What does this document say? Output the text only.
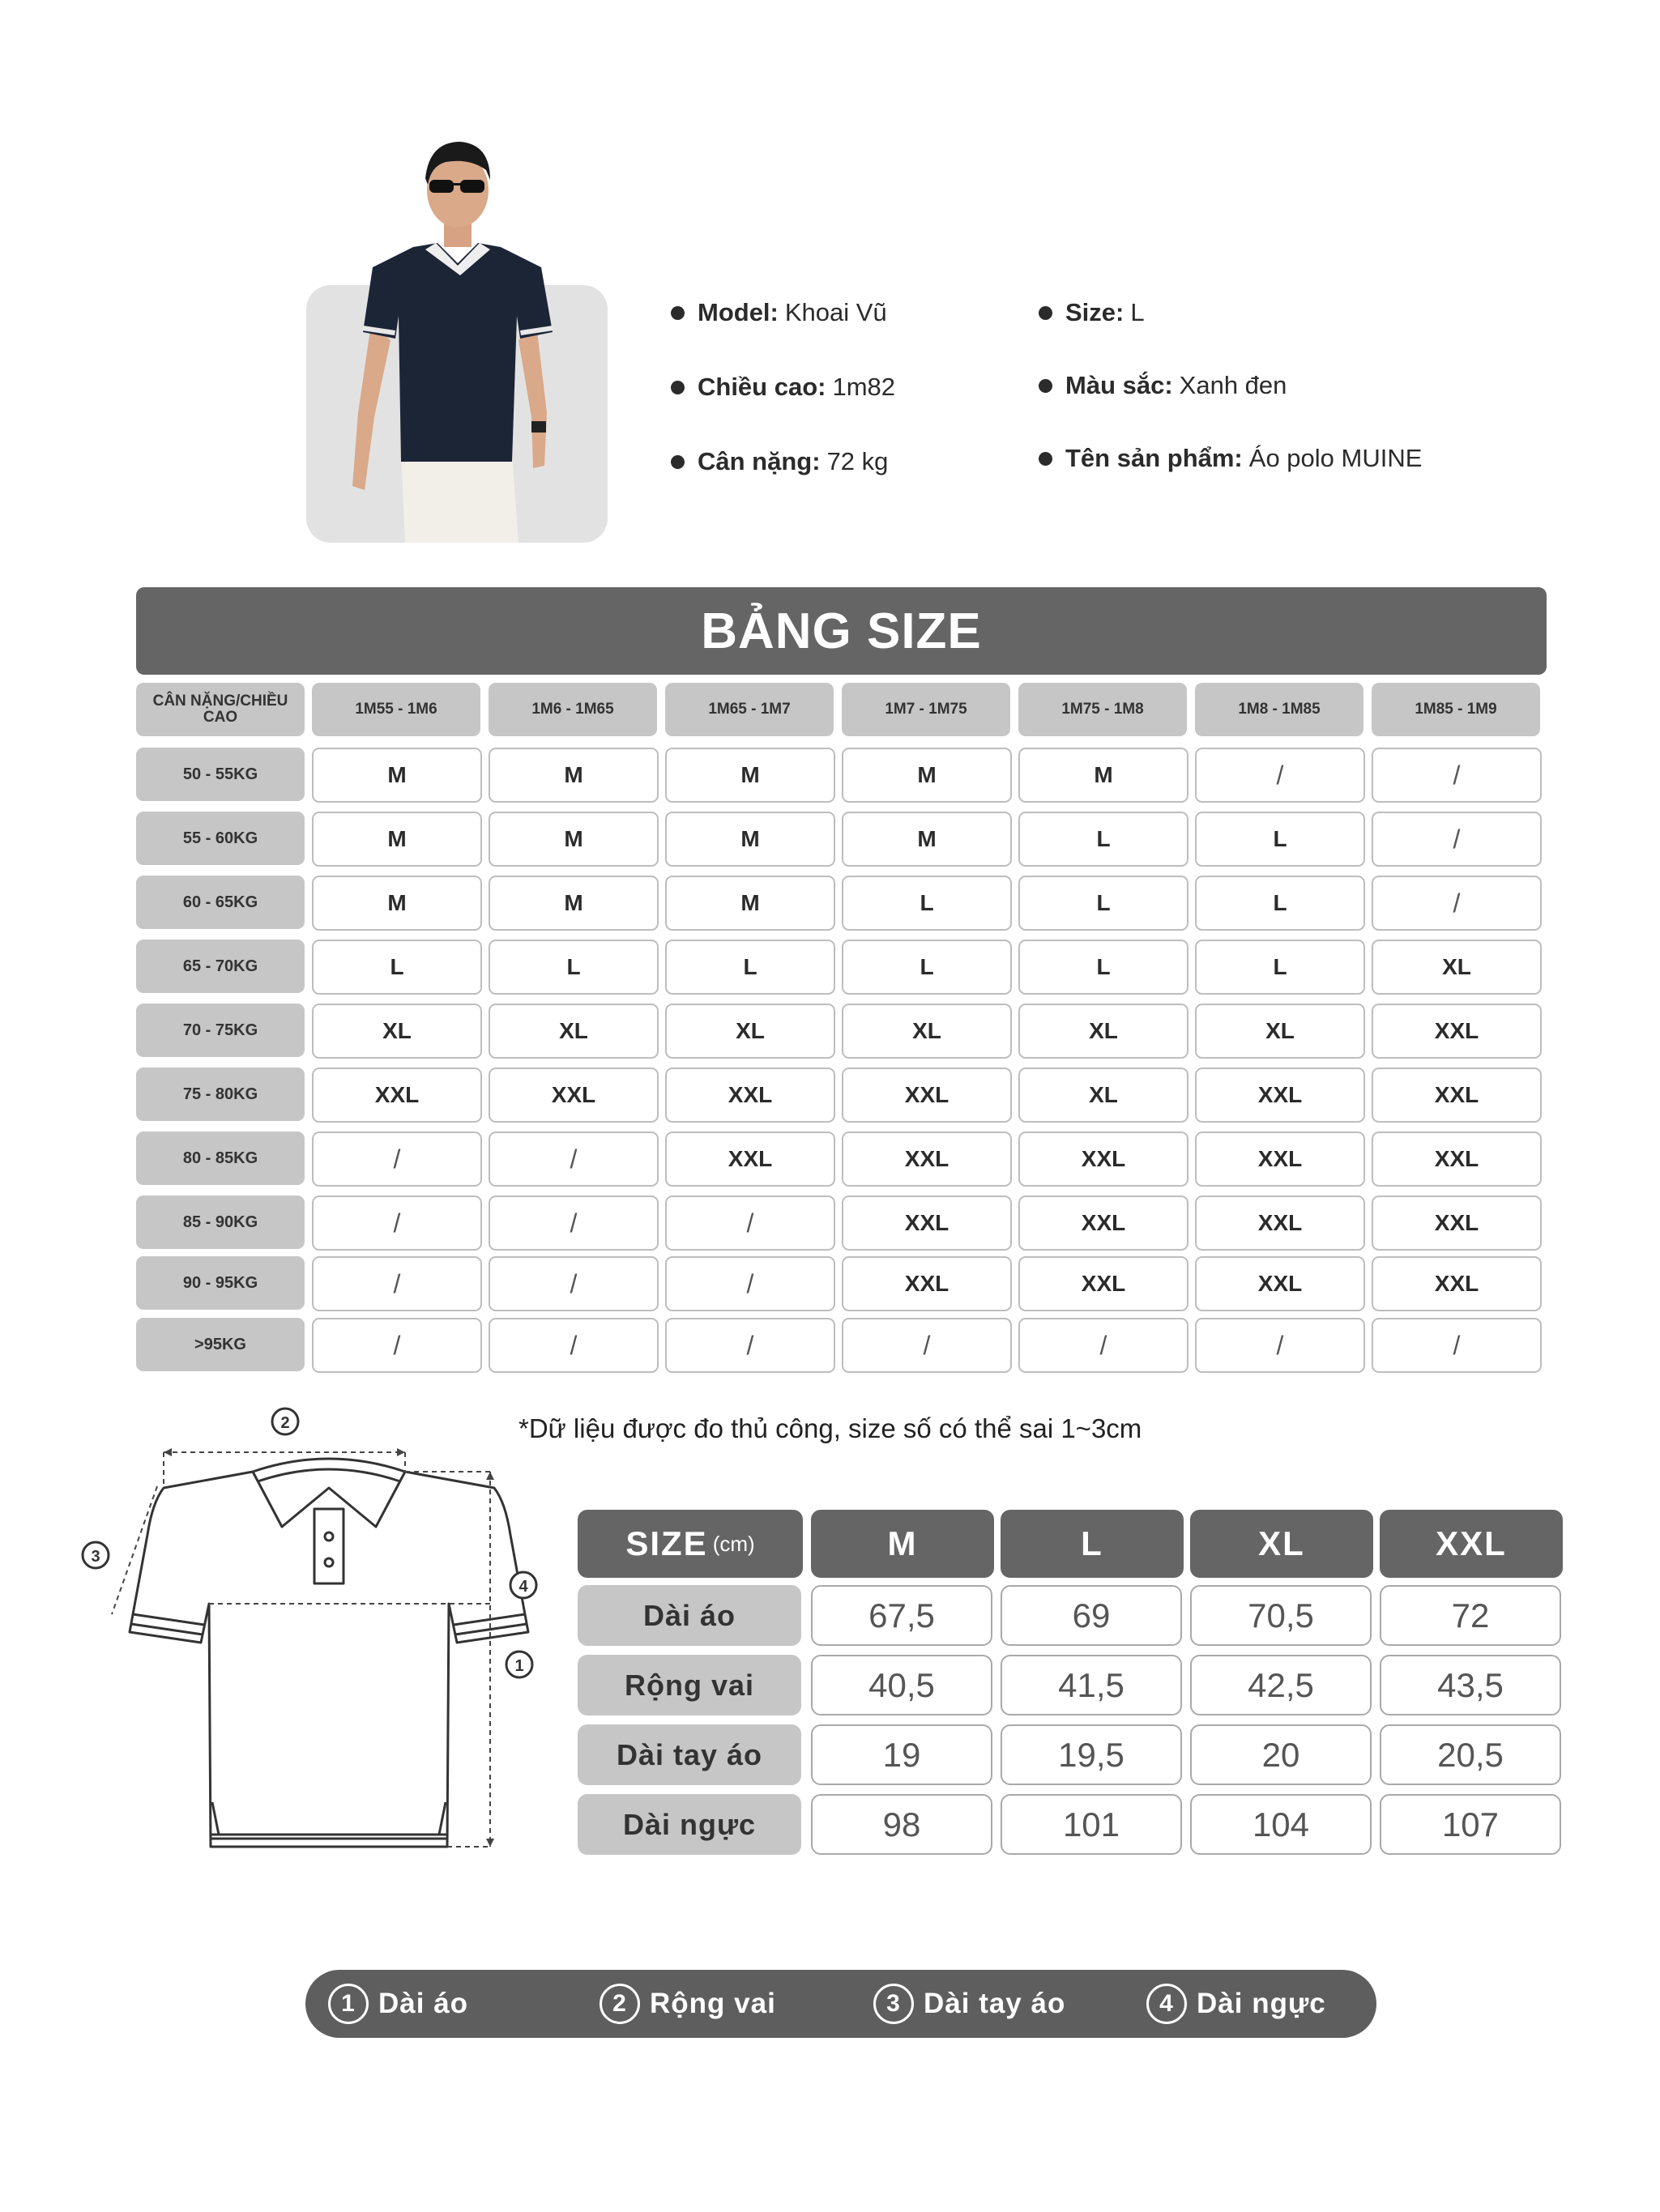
Model: Khoai Vũ
Chiều cao: 1m82
Cân nặng: 72 kg
Size: L
Màu sắc: Xanh đen
Tên sản phẩm: Áo polo MUINE
BẢNG SIZE
CÂN NẶNG/CHIỀU CAO	1M55 - 1M6	1M6 - 1M65	1M65 - 1M7	1M7 - 1M75	1M75 - 1M8	1M8 - 1M85	1M85 - 1M9
50 - 55KG	M	M	M	M	M	/	/
55 - 60KG	M	M	M	M	L	L	/
60 - 65KG	M	M	M	L	L	L	/
65 - 70KG	L	L	L	L	L	L	XL
70 - 75KG	XL	XL	XL	XL	XL	XL	XXL
75 - 80KG	XXL	XXL	XXL	XXL	XL	XXL	XXL
80 - 85KG	/	/	XXL	XXL	XXL	XXL	XXL
85 - 90KG	/	/	/	XXL	XXL	XXL	XXL
90 - 95KG	/	/	/	XXL	XXL	XXL	XXL
>95KG	/	/	/	/	/	/	/
*Dữ liệu được đo thủ công, size số có thể sai 1~3cm
2
3
4
1
SIZE (cm)	M	L	XL	XXL
Dài áo	67,5	69	70,5	72
Rộng vai	40,5	41,5	42,5	43,5
Dài tay áo	19	19,5	20	20,5
Dài ngực	98	101	104	107
1 Dài áo	2 Rộng vai	3 Dài tay áo	4 Dài ngực
